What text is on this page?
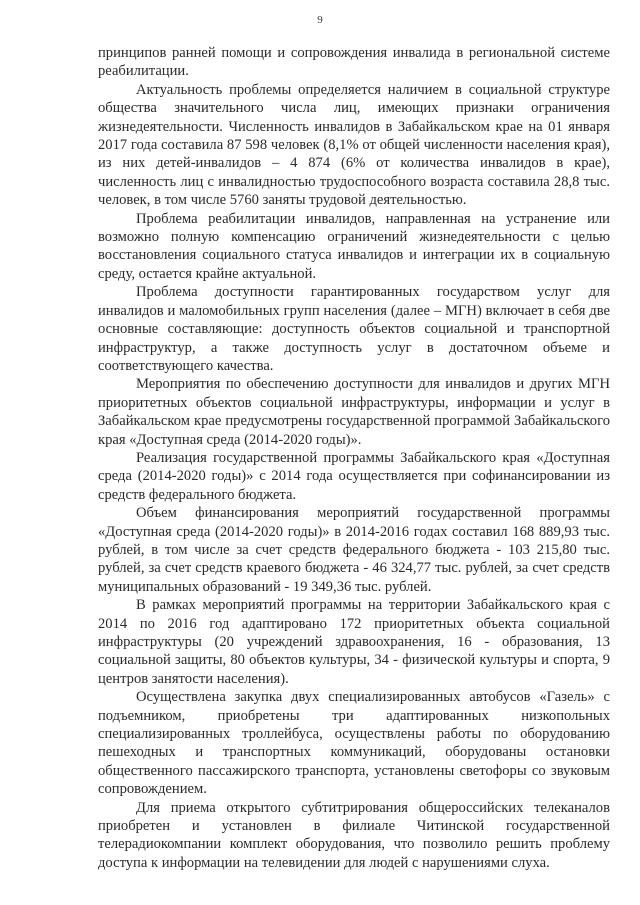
9

принципов ранней помощи и сопровождения инвалида в региональной системе реабилитации.

Актуальность проблемы определяется наличием в социальной структуре общества значительного числа лиц, имеющих признаки ограничения жизнедеятельности. Численность инвалидов в Забайкальском крае на 01 января 2017 года составила 87 598 человек (8,1% от общей численности населения края), из них детей-инвалидов – 4 874 (6% от количества инвалидов в крае), численность лиц с инвалидностью трудоспособного возраста составила 28,8 тыс. человек, в том числе 5760 заняты трудовой деятельностью.

Проблема реабилитации инвалидов, направленная на устранение или возможно полную компенсацию ограничений жизнедеятельности с целью восстановления социального статуса инвалидов и интеграции их в социальную среду, остается крайне актуальной.

Проблема доступности гарантированных государством услуг для инвалидов и маломобильных групп населения (далее – МГН) включает в себя две основные составляющие: доступность объектов социальной и транспортной инфраструктур, а также доступность услуг в достаточном объеме и соответствующего качества.

Мероприятия по обеспечению доступности для инвалидов и других МГН приоритетных объектов социальной инфраструктуры, информации и услуг в Забайкальском крае предусмотрены государственной программой Забайкальского края «Доступная среда (2014-2020 годы)».

Реализация государственной программы Забайкальского края «Доступная среда (2014-2020 годы)» с 2014 года осуществляется при софинансировании из средств федерального бюджета.

Объем финансирования мероприятий государственной программы «Доступная среда (2014-2020 годы)» в 2014-2016 годах составил 168 889,93 тыс. рублей, в том числе за счет средств федерального бюджета - 103 215,80 тыс. рублей, за счет средств краевого бюджета - 46 324,77 тыс. рублей, за счет средств муниципальных образований - 19 349,36 тыс. рублей.

В рамках мероприятий программы на территории Забайкальского края с 2014 по 2016 год адаптировано 172 приоритетных объекта социальной инфраструктуры (20 учреждений здравоохранения, 16 - образования, 13 социальной защиты, 80 объектов культуры, 34 - физической культуры и спорта, 9 центров занятости населения).

Осуществлена закупка двух специализированных автобусов «Газель» с подъемником, приобретены три адаптированных низкопольных специализированных троллейбуса, осуществлены работы по оборудованию пешеходных и транспортных коммуникаций, оборудованы остановки общественного пассажирского транспорта, установлены светофоры со звуковым сопровождением.

Для приема открытого субтитрирования общероссийских телеканалов приобретен и установлен в филиале Читинской государственной телерадиокомпании комплект оборудования, что позволило решить проблему доступа к информации на телевидении для людей с нарушениями слуха.
